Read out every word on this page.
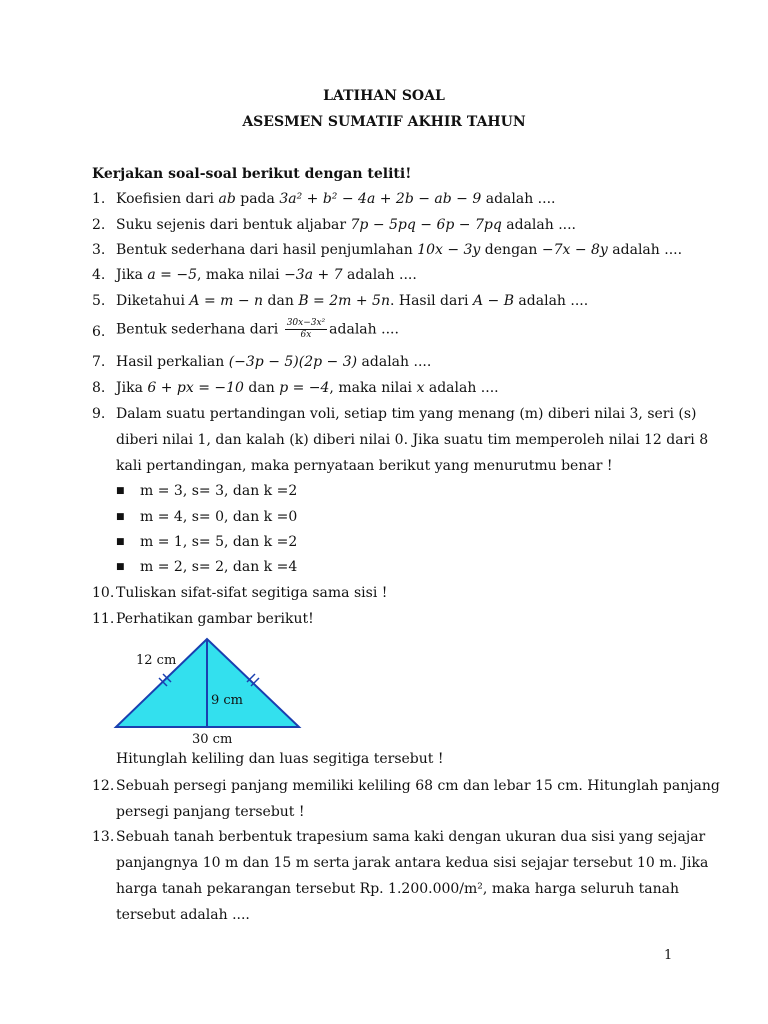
LATIHAN SOAL
ASESMEN SUMATIF AKHIR TAHUN
Kerjakan soal-soal berikut dengan teliti!
1. Koefisien dari ab pada 3a² + b² − 4a + 2b − ab − 9 adalah ....
2. Suku sejenis dari bentuk aljabar 7p − 5pq − 6p − 7pq adalah ....
3. Bentuk sederhana dari hasil penjumlahan 10x − 3y dengan −7x − 8y adalah ....
4. Jika a = −5, maka nilai −3a + 7 adalah ....
5. Diketahui A = m − n dan B = 2m + 5n. Hasil dari A − B adalah ....
6. Bentuk sederhana dari $\frac{\text{30x−3x²}}{6x}$ adalah ....
7. Hasil perkalian (−3p − 5)(2p − 3) adalah ....
8. Jika 6 + px = −10 dan p = −4, maka nilai x adalah ....
9. Dalam suatu pertandingan voli, setiap tim yang menang (m) diberi nilai 3, seri (s)
diberi nilai 1, dan kalah (k) diberi nilai 0. Jika suatu tim memperoleh nilai 12 dari 8
kali pertandingan, maka pernyataan berikut yang menurutmu benar !
■ m = 3, s= 3, dan k =2
■ m = 4, s= 0, dan k =0
■ m = 1, s= 5, dan k =2
■ m = 2, s= 2, dan k =4
10. Tuliskan sifat-sifat segitiga sama sisi !
11. Perhatikan gambar berikut!
12 cm
9 cm
30 cm
Hitunglah keliling dan luas segitiga tersebut !
12. Sebuah persegi panjang memiliki keliling 68 cm dan lebar 15 cm. Hitunglah panjang
persegi panjang tersebut !
13. Sebuah tanah berbentuk trapesium sama kaki dengan ukuran dua sisi yang sejajar
panjangnya 10 m dan 15 m serta jarak antara kedua sisi sejajar tersebut 10 m. Jika
harga tanah pekarangan tersebut Rp. 1.200.000/m², maka harga seluruh tanah
tersebut adalah ....
1
